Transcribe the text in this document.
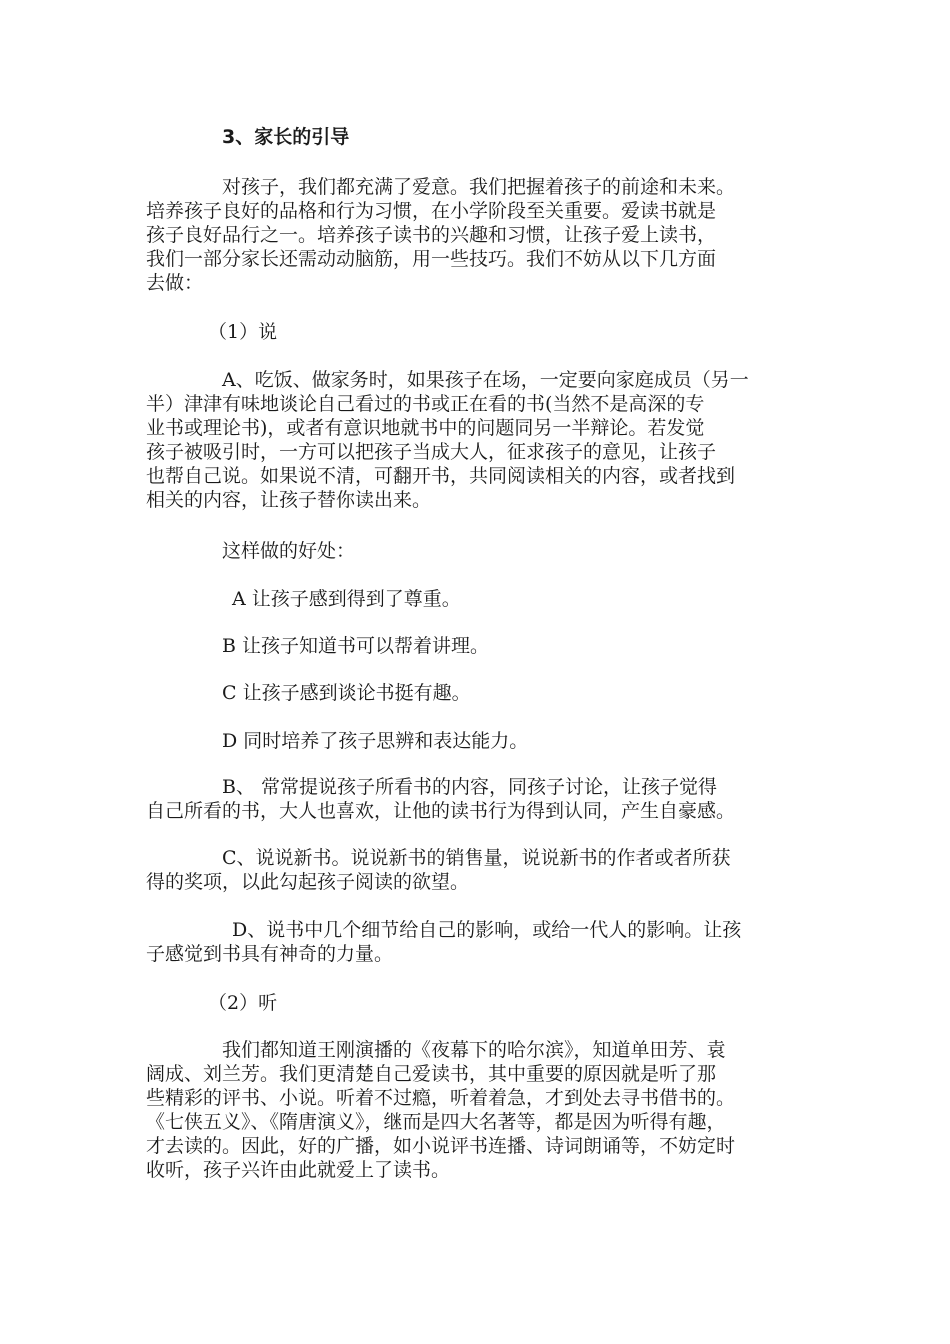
3、家长的引导
对孩子，我们都充满了爱意。我们把握着孩子的前途和未来。
培养孩子良好的品格和行为习惯，在小学阶段至关重要。爱读书就是
孩子良好品行之一。培养孩子读书的兴趣和习惯，让孩子爱上读书，
我们一部分家长还需动动脑筋，用一些技巧。我们不妨从以下几方面
去做：
（1）说
A、吃饭、做家务时，如果孩子在场，一定要向家庭成员（另一
半）津津有味地谈论自己看过的书或正在看的书(当然不是高深的专
业书或理论书)，或者有意识地就书中的问题同另一半辩论。若发觉
孩子被吸引时，一方可以把孩子当成大人，征求孩子的意见，让孩子
也帮自己说。如果说不清，可翻开书，共同阅读相关的内容，或者找到
相关的内容，让孩子替你读出来。
这样做的好处：
A 让孩子感到得到了尊重。
B 让孩子知道书可以帮着讲理。
C 让孩子感到谈论书挺有趣。
D 同时培养了孩子思辨和表达能力。
B、 常常提说孩子所看书的内容，同孩子讨论，让孩子觉得
自己所看的书，大人也喜欢，让他的读书行为得到认同，产生自豪感。
C、说说新书。说说新书的销售量，说说新书的作者或者所获
得的奖项，以此勾起孩子阅读的欲望。
D、说书中几个细节给自己的影响，或给一代人的影响。让孩
子感觉到书具有神奇的力量。
（2）听
我们都知道王刚演播的《夜幕下的哈尔滨》，知道单田芳、袁
阔成、刘兰芳。我们更清楚自己爱读书，其中重要的原因就是听了那
些精彩的评书、小说。听着不过瘾，听着着急，才到处去寻书借书的。
《七侠五义》、《隋唐演义》，继而是四大名著等，都是因为听得有趣，
才去读的。因此，好的广播，如小说评书连播、诗词朗诵等，不妨定时
收听，孩子兴许由此就爱上了读书。
